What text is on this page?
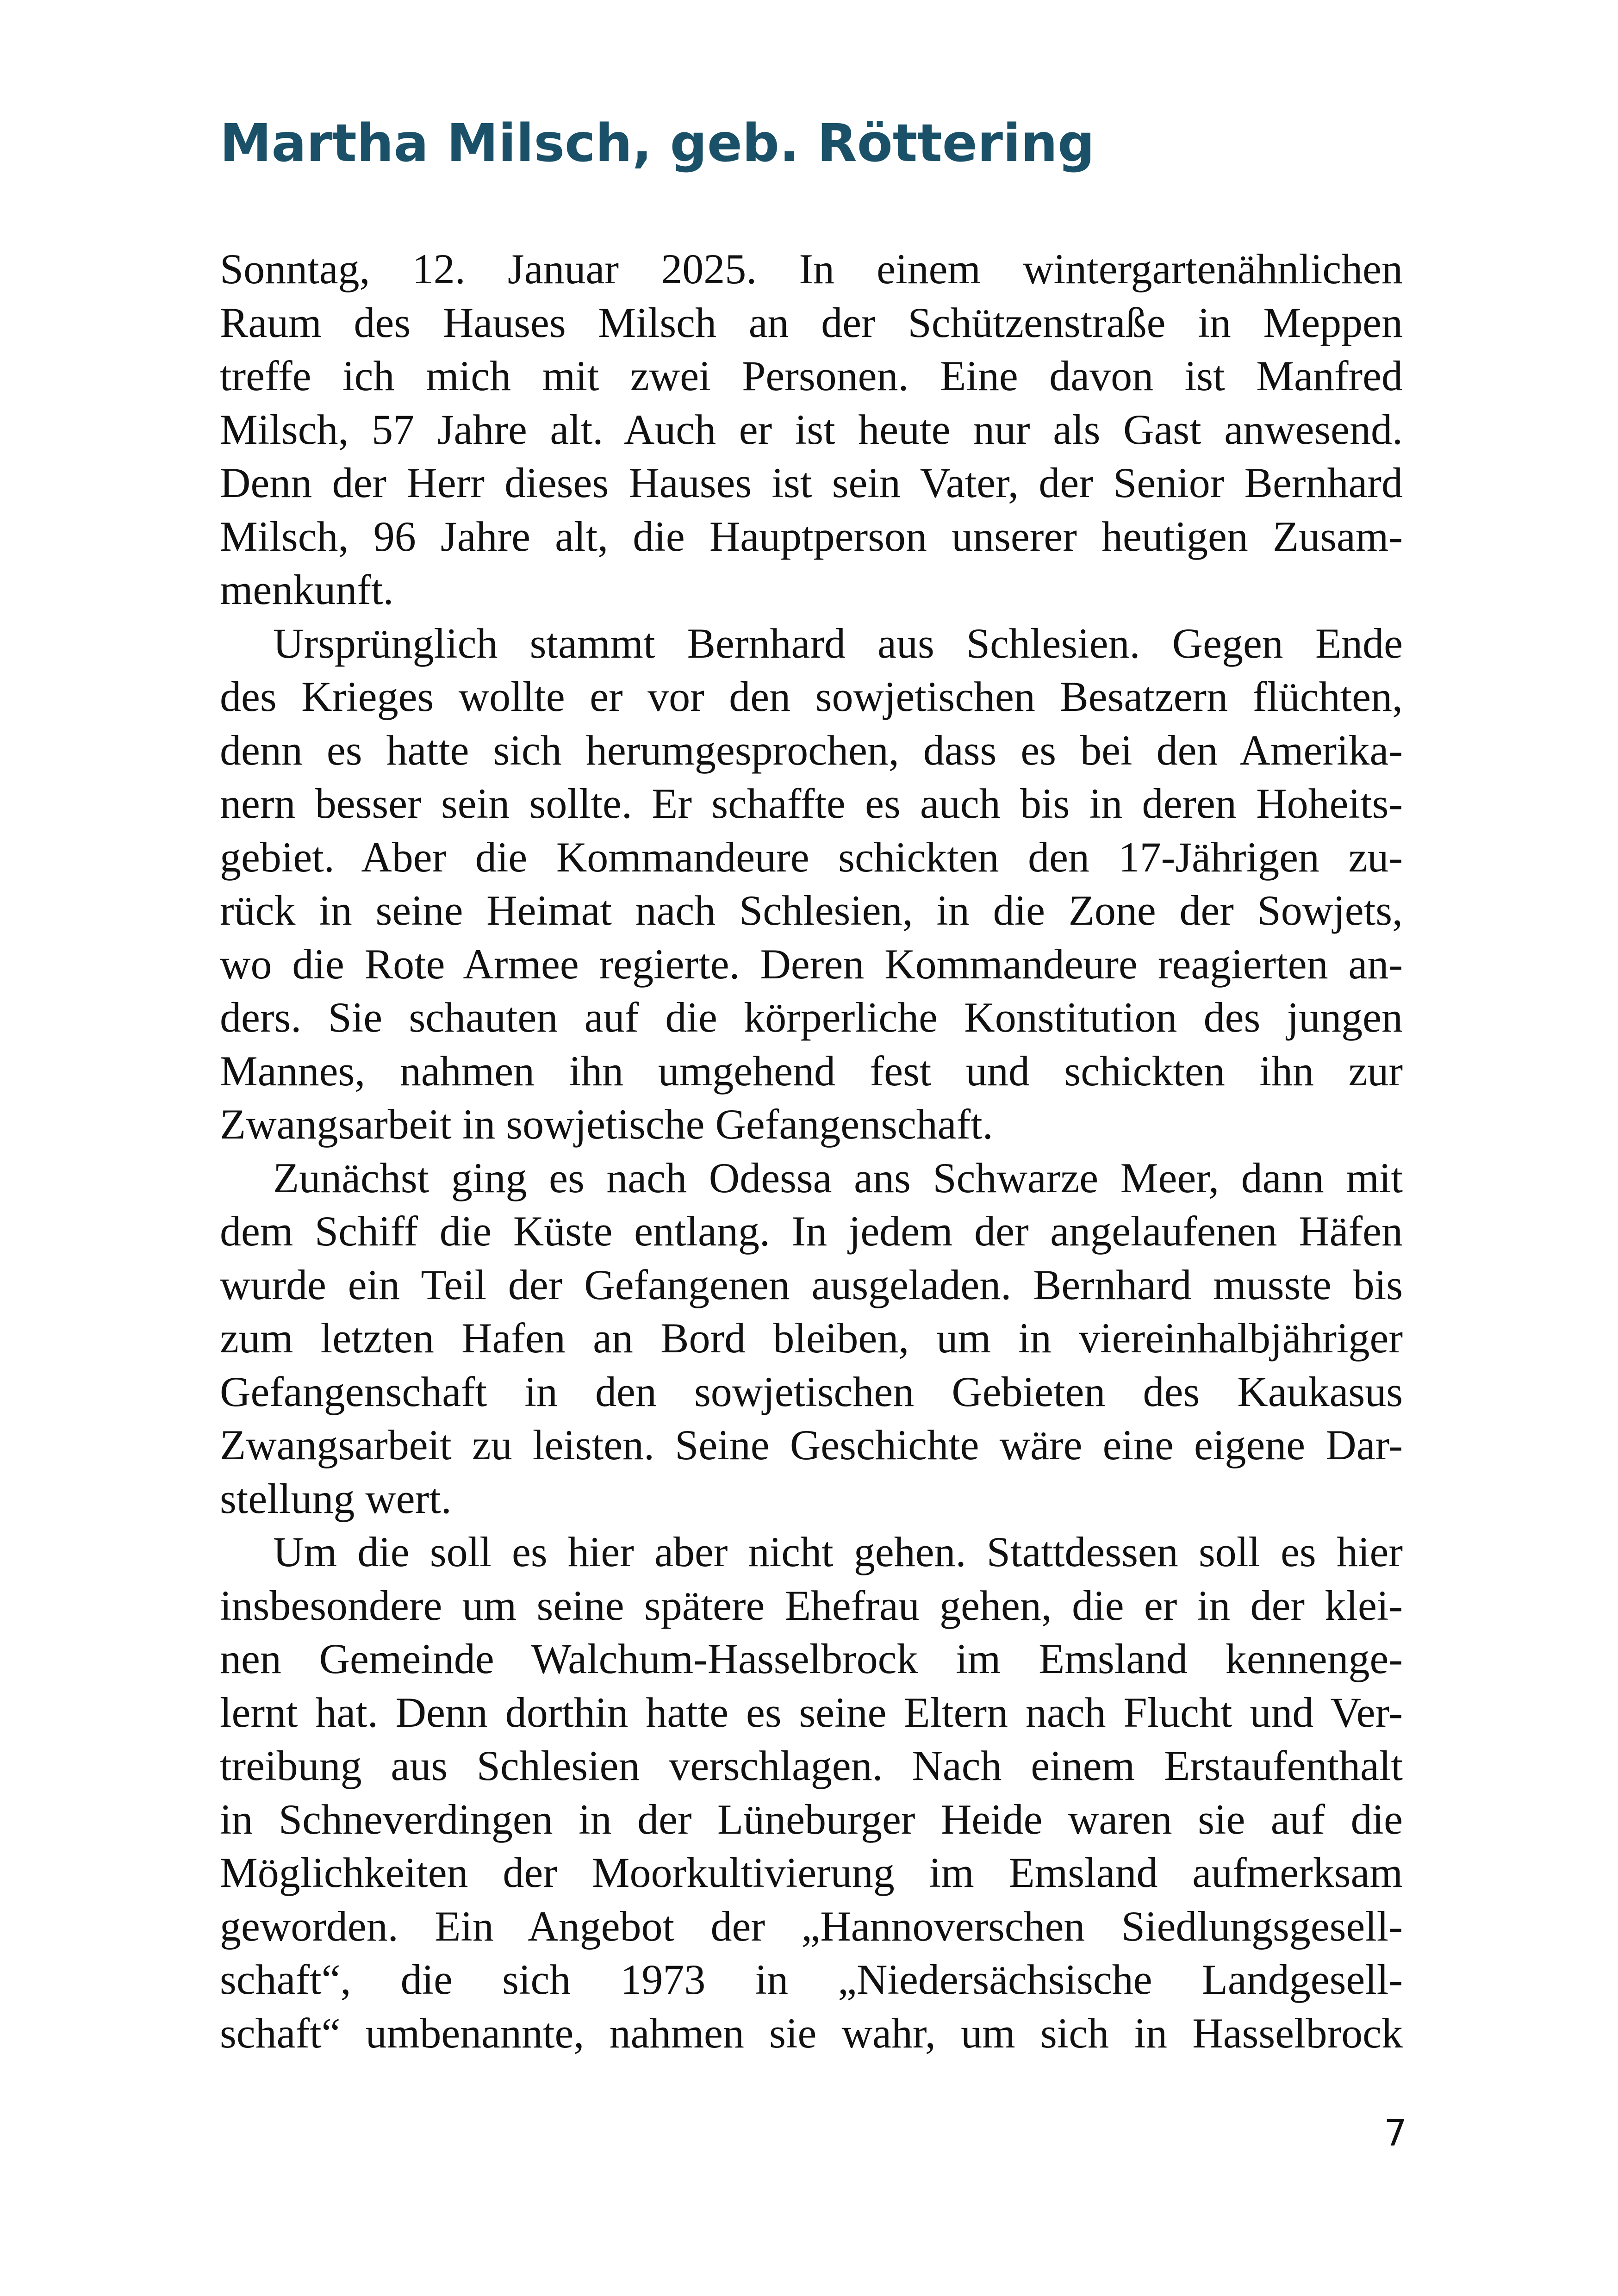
Martha Milsch, geb. Röttering
Sonntag, 12. Januar 2025. In einem wintergartenähnlichen
Raum des Hauses Milsch an der Schützenstraße in Meppen
treffe ich mich mit zwei Personen. Eine davon ist Manfred
Milsch, 57 Jahre alt. Auch er ist heute nur als Gast anwesend.
Denn der Herr dieses Hauses ist sein Vater, der Senior Bernhard
Milsch, 96 Jahre alt, die Hauptperson unserer heutigen Zusam-
menkunft.
Ursprünglich stammt Bernhard aus Schlesien. Gegen Ende
des Krieges wollte er vor den sowjetischen Besatzern flüchten,
denn es hatte sich herumgesprochen, dass es bei den Amerika-
nern besser sein sollte. Er schaffte es auch bis in deren Hoheits-
gebiet. Aber die Kommandeure schickten den 17-Jährigen zu-
rück in seine Heimat nach Schlesien, in die Zone der Sowjets,
wo die Rote Armee regierte. Deren Kommandeure reagierten an-
ders. Sie schauten auf die körperliche Konstitution des jungen
Mannes, nahmen ihn umgehend fest und schickten ihn zur
Zwangsarbeit in sowjetische Gefangenschaft.
Zunächst ging es nach Odessa ans Schwarze Meer, dann mit
dem Schiff die Küste entlang. In jedem der angelaufenen Häfen
wurde ein Teil der Gefangenen ausgeladen. Bernhard musste bis
zum letzten Hafen an Bord bleiben, um in viereinhalbjähriger
Gefangenschaft in den sowjetischen Gebieten des Kaukasus
Zwangsarbeit zu leisten. Seine Geschichte wäre eine eigene Dar-
stellung wert.
Um die soll es hier aber nicht gehen. Stattdessen soll es hier
insbesondere um seine spätere Ehefrau gehen, die er in der klei-
nen Gemeinde Walchum-Hasselbrock im Emsland kennenge-
lernt hat. Denn dorthin hatte es seine Eltern nach Flucht und Ver-
treibung aus Schlesien verschlagen. Nach einem Erstaufenthalt
in Schneverdingen in der Lüneburger Heide waren sie auf die
Möglichkeiten der Moorkultivierung im Emsland aufmerksam
geworden. Ein Angebot der „Hannoverschen Siedlungsgesell-
schaft“, die sich 1973 in „Niedersächsische Landgesell-
schaft“ umbenannte, nahmen sie wahr, um sich in Hasselbrock
7
